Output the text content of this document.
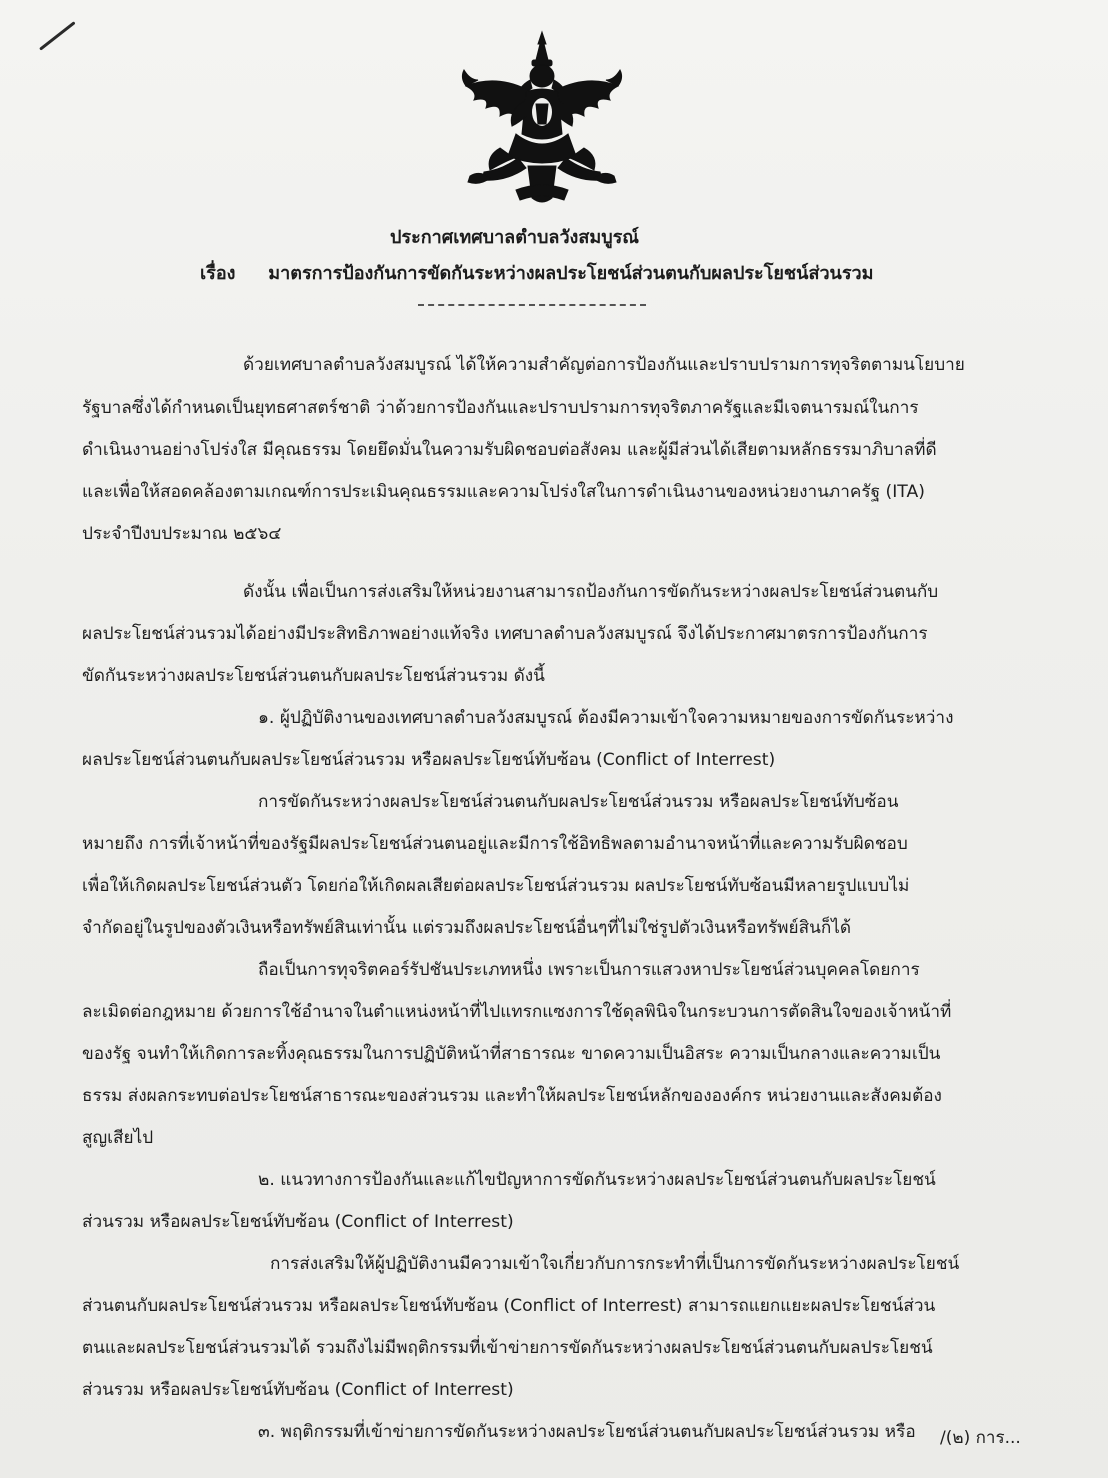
ประกาศเทศบาลตำบลวังสมบูรณ์
เรื่อง มาตรการป้องกันการขัดกันระหว่างผลประโยชน์ส่วนตนกับผลประโยชน์ส่วนรวม
ด้วยเทศบาลตำบลวังสมบูรณ์ ได้ให้ความสำคัญต่อการป้องกันและปราบปรามการทุจริตตามนโยบาย
รัฐบาลซึ่งได้กำหนดเป็นยุทธศาสตร์ชาติ ว่าด้วยการป้องกันและปราบปรามการทุจริตภาครัฐและมีเจตนารมณ์ในการ
ดำเนินงานอย่างโปร่งใส มีคุณธรรม โดยยึดมั่นในความรับผิดชอบต่อสังคม และผู้มีส่วนได้เสียตามหลักธรรมาภิบาลที่ดี
และเพื่อให้สอดคล้องตามเกณฑ์การประเมินคุณธรรมและความโปร่งใสในการดำเนินงานของหน่วยงานภาครัฐ (ITA)
ประจำปีงบประมาณ ๒๕๖๔
ดังนั้น เพื่อเป็นการส่งเสริมให้หน่วยงานสามารถป้องกันการขัดกันระหว่างผลประโยชน์ส่วนตนกับ
ผลประโยชน์ส่วนรวมได้อย่างมีประสิทธิภาพอย่างแท้จริง เทศบาลตำบลวังสมบูรณ์ จึงได้ประกาศมาตรการป้องกันการ
ขัดกันระหว่างผลประโยชน์ส่วนตนกับผลประโยชน์ส่วนรวม ดังนี้
๑. ผู้ปฏิบัติงานของเทศบาลตำบลวังสมบูรณ์ ต้องมีความเข้าใจความหมายของการขัดกันระหว่าง
ผลประโยชน์ส่วนตนกับผลประโยชน์ส่วนรวม หรือผลประโยชน์ทับซ้อน (Conflict of Interrest)
การขัดกันระหว่างผลประโยชน์ส่วนตนกับผลประโยชน์ส่วนรวม หรือผลประโยชน์ทับซ้อน
หมายถึง การที่เจ้าหน้าที่ของรัฐมีผลประโยชน์ส่วนตนอยู่และมีการใช้อิทธิพลตามอำนาจหน้าที่และความรับผิดชอบ
เพื่อให้เกิดผลประโยชน์ส่วนตัว โดยก่อให้เกิดผลเสียต่อผลประโยชน์ส่วนรวม ผลประโยชน์ทับซ้อนมีหลายรูปแบบไม่
จำกัดอยู่ในรูปของตัวเงินหรือทรัพย์สินเท่านั้น แต่รวมถึงผลประโยชน์อื่นๆที่ไม่ใช่รูปตัวเงินหรือทรัพย์สินก็ได้
ถือเป็นการทุจริตคอร์รัปชันประเภทหนึ่ง เพราะเป็นการแสวงหาประโยชน์ส่วนบุคคลโดยการ
ละเมิดต่อกฎหมาย ด้วยการใช้อำนาจในตำแหน่งหน้าที่ไปแทรกแซงการใช้ดุลพินิจในกระบวนการตัดสินใจของเจ้าหน้าที่
ของรัฐ จนทำให้เกิดการละทิ้งคุณธรรมในการปฏิบัติหน้าที่สาธารณะ ขาดความเป็นอิสระ ความเป็นกลางและความเป็น
ธรรม ส่งผลกระทบต่อประโยชน์สาธารณะของส่วนรวม และทำให้ผลประโยชน์หลักขององค์กร หน่วยงานและสังคมต้อง
สูญเสียไป
๒. แนวทางการป้องกันและแก้ไขปัญหาการขัดกันระหว่างผลประโยชน์ส่วนตนกับผลประโยชน์
ส่วนรวม หรือผลประโยชน์ทับซ้อน (Conflict of Interrest)
การส่งเสริมให้ผู้ปฏิบัติงานมีความเข้าใจเกี่ยวกับการกระทำที่เป็นการขัดกันระหว่างผลประโยชน์
ส่วนตนกับผลประโยชน์ส่วนรวม หรือผลประโยชน์ทับซ้อน (Conflict of Interrest) สามารถแยกแยะผลประโยชน์ส่วน
ตนและผลประโยชน์ส่วนรวมได้ รวมถึงไม่มีพฤติกรรมที่เข้าข่ายการขัดกันระหว่างผลประโยชน์ส่วนตนกับผลประโยชน์
ส่วนรวม หรือผลประโยชน์ทับซ้อน (Conflict of Interrest)
๓. พฤติกรรมที่เข้าข่ายการขัดกันระหว่างผลประโยชน์ส่วนตนกับผลประโยชน์ส่วนรวม หรือ /(๒) การ...
